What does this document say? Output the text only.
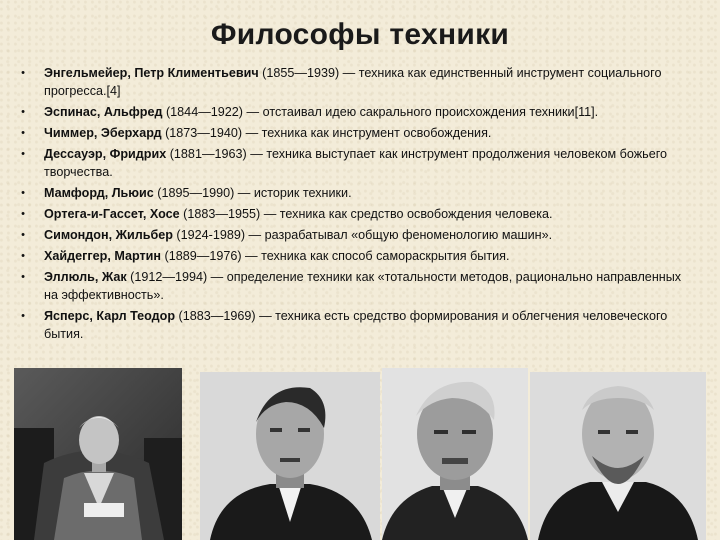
Философы техники
•	Энгельмейер, Петр Климентьевич (1855—1939) — техника как единственный инструмент социального прогресса.[4]
•	Эспинас, Альфред (1844—1922) — отстаивал идею сакрального происхождения техники[11].
•	Чиммер, Эберхард (1873—1940) — техника как инструмент освобождения.
•	Дессауэр, Фридрих (1881—1963) — техника выступает как инструмент продолжения человеком божьего творчества.
•	Мамфорд, Льюис (1895—1990) — историк техники.
•	Ортега-и-Гассет, Хосе (1883—1955) — техника как средство освобождения человека.
•	Симондон, Жильбер (1924-1989) — разрабатывал «общую феноменологию машин».
•	Хайдеггер, Мартин (1889—1976) — техника как способ самораскрытия бытия.
•	Эллюль, Жак (1912—1994) — определение техники как «тотальности методов, рационально направленных на эффективность».
•	Ясперс, Карл Теодор (1883—1969) — техника есть средство формирования и облегчения человеческого бытия.
